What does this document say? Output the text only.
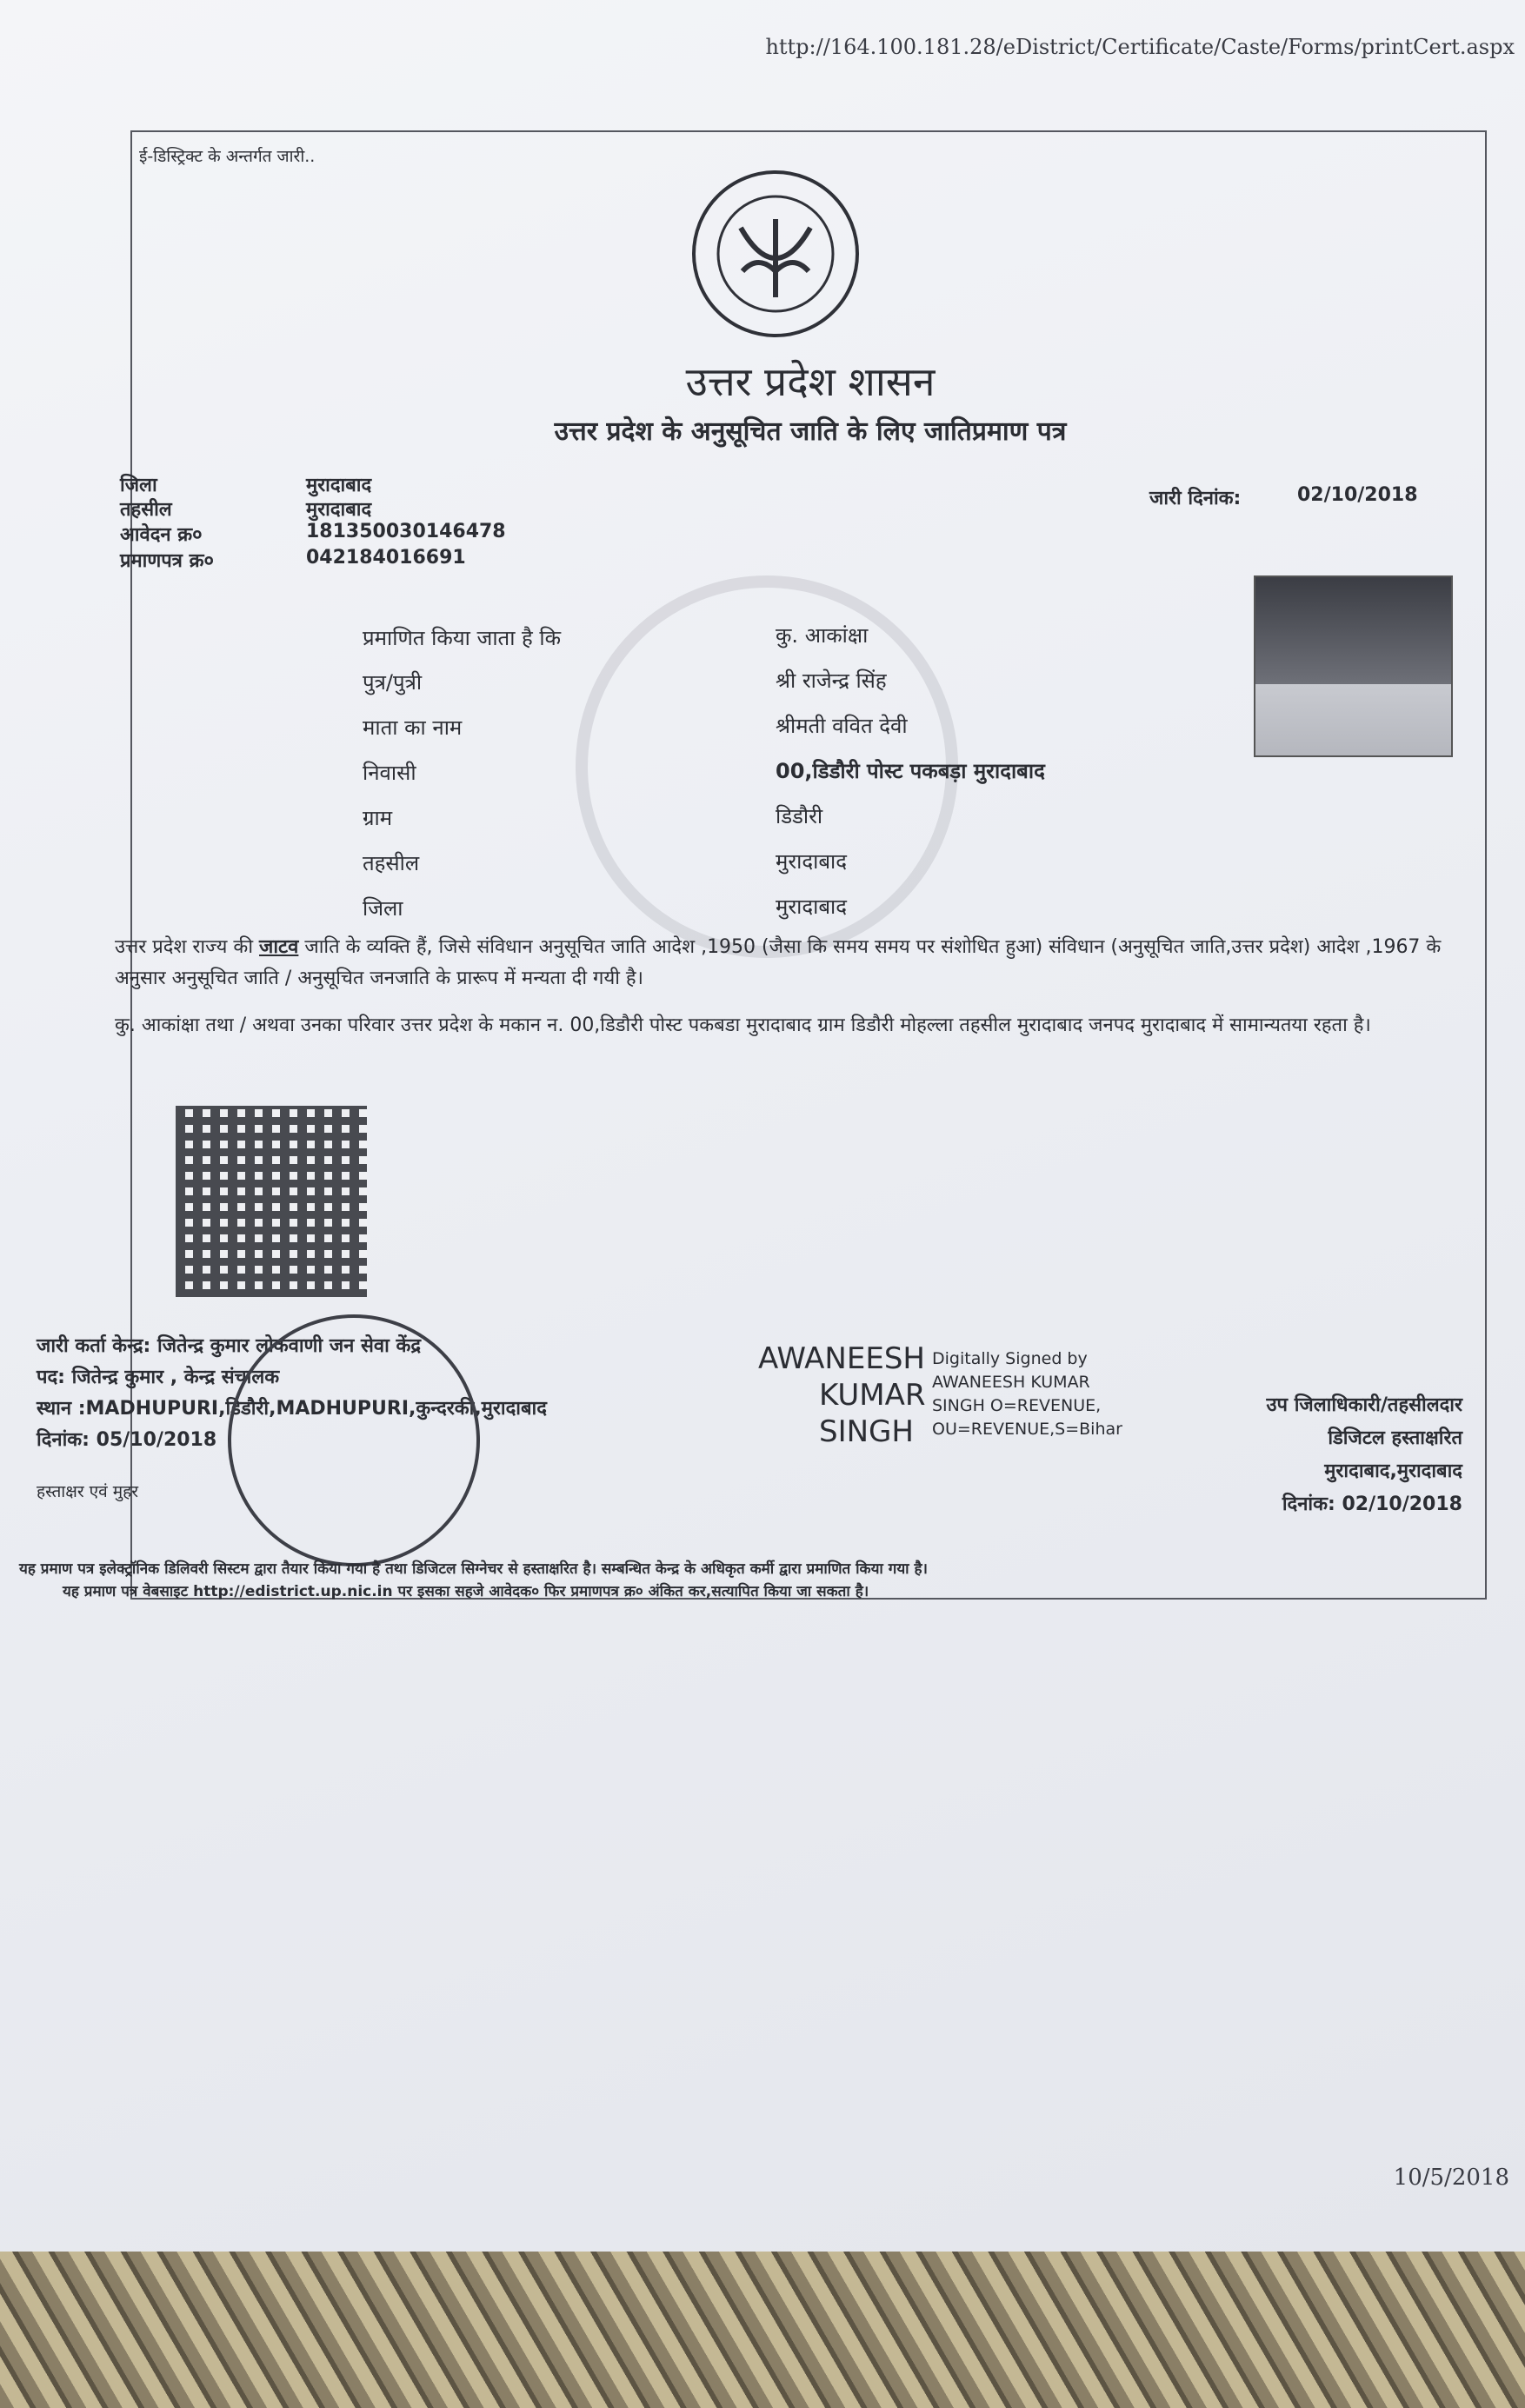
http://164.100.181.28/eDistrict/Certificate/Caste/Forms/printCert.aspx
ई-डिस्ट्रिक्ट के अन्तर्गत जारी..
उत्तर प्रदेश शासन
उत्तर प्रदेश के अनुसूचित जाति के लिए जातिप्रमाण पत्र
जिला	मुरादाबाद
तहसील	मुरादाबाद
आवेदन क्र०	181350030146478
प्रमाणपत्र क्र०	042184016691
जारी दिनांक:	02/10/2018
प्रमाणित किया जाता है कि	कु. आकांक्षा
पुत्र/पुत्री	श्री राजेन्द्र सिंह
माता का नाम	श्रीमती ववित देवी
निवासी	00,डिडौरी पोस्ट पकबड़ा मुरादाबाद
ग्राम	डिडौरी
तहसील	मुरादाबाद
जिला	मुरादाबाद
उत्तर प्रदेश राज्य की जाटव जाति के व्यक्ति हैं, जिसे संविधान अनुसूचित जाति आदेश ,1950 (जैसा कि समय समय पर संशोधित हुआ) संविधान (अनुसूचित जाति,उत्तर प्रदेश) आदेश ,1967 के अनुसार अनुसूचित जाति / अनुसूचित जनजाति के प्रारूप में मन्यता दी गयी है।
कु. आकांक्षा तथा / अथवा उनका परिवार उत्तर प्रदेश के मकान न. 00,डिडौरी पोस्ट पकबडा मुरादाबाद ग्राम डिडौरी मोहल्ला तहसील मुरादाबाद जनपद मुरादाबाद में सामान्यतया रहता है।
जारी कर्ता केन्द्र: जितेन्द्र कुमार लोकवाणी जन सेवा केंद्र
पद: जितेन्द्र कुमार , केन्द्र संचालक
स्थान :MADHUPURI,डिडौरी,MADHUPURI,कुन्दरकी,मुरादाबाद
दिनांक: 05/10/2018
हस्ताक्षर एवं मुहर
AWANEESH
KUMAR
SINGH
Digitally Signed by
AWANEESH KUMAR
SINGH O=REVENUE,
OU=REVENUE,S=Bihar
उप जिलाधिकारी/तहसीलदार
डिजिटल हस्ताक्षरित
मुरादाबाद,मुरादाबाद
दिनांक: 02/10/2018
यह प्रमाण पत्र इलेक्ट्रॉनिक डिलिवरी सिस्टम द्वारा तैयार किया गया है तथा डिजिटल सिग्नेचर से हस्ताक्षरित है। सम्बन्धित केन्द्र के अधिकृत कर्मी द्वारा प्रमाणित किया गया है।
यह प्रमाण पत्र वेबसाइट http://edistrict.up.nic.in पर इसका सहजे आवेदक० फिर प्रमाणपत्र क्र० अंकित कर,सत्यापित किया जा सकता है।
10/5/2018
